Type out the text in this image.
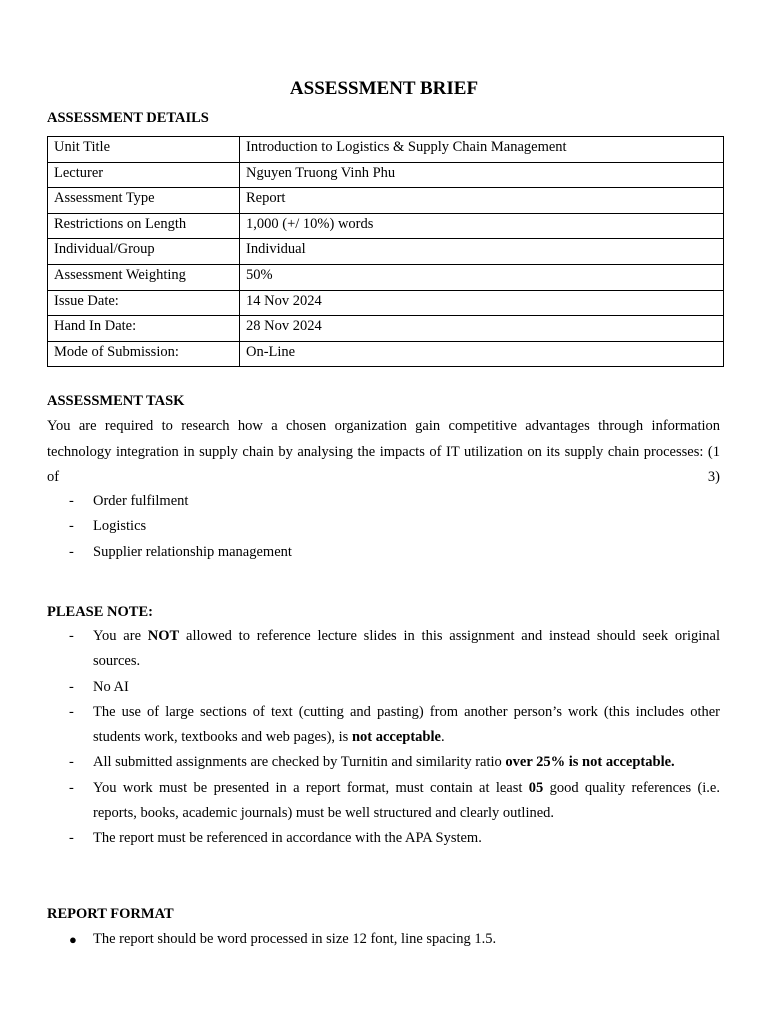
ASSESSMENT BRIEF
ASSESSMENT DETAILS
Unit Title	Introduction to Logistics & Supply Chain Management
Lecturer	Nguyen Truong Vinh Phu
Assessment Type	Report
Restrictions on Length	1,000 (+/ 10%) words
Individual/Group	Individual
Assessment Weighting	50%
Issue Date:	14 Nov 2024
Hand In Date:	28 Nov 2024
Mode of Submission:	On-Line
ASSESSMENT TASK

You are required to research how a chosen organization gain competitive advantages through information technology integration in supply chain by analysing the impacts of IT utilization on its supply chain processes: (1 of 3)

- Order fulfilment
- Logistics
- Supplier relationship management
PLEASE NOTE:
- You are NOT allowed to reference lecture slides in this assignment and instead should seek original sources.
- No AI
- The use of large sections of text (cutting and pasting) from another person’s work (this includes other students work, textbooks and web pages), is not acceptable.
- All submitted assignments are checked by Turnitin and similarity ratio over 25% is not acceptable.
- You work must be presented in a report format, must contain at least 05 good quality references (i.e. reports, books, academic journals) must be well structured and clearly outlined.
- The report must be referenced in accordance with the APA System.
REPORT FORMAT
● The report should be word processed in size 12 font, line spacing 1.5.
